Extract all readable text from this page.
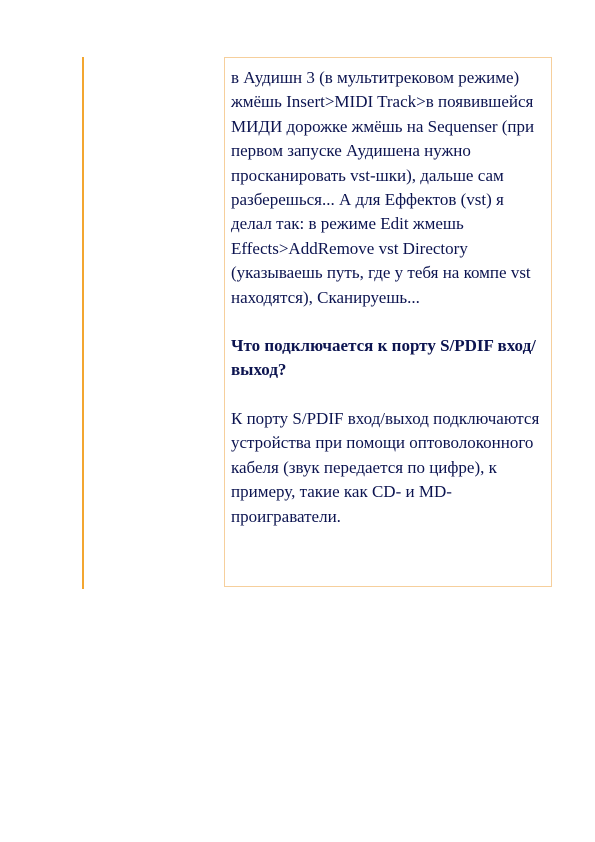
в Аудишн 3 (в мультитрековом режиме) жмёшь Insert>MIDI Track>в появившейся МИДИ дорожке жмёшь на Sequenser (при первом запуске Аудишена нужно просканировать vst-шки), дальше сам разберешься... А для Еффектов (vst) я делал так: в режиме Edit жмешь Effects>AddRemove vst Directory (указываешь путь, где у тебя на компе vst находятся), Сканируешь...

Что подключается к порту S/PDIF вход/выход?

К порту S/PDIF вход/выход подключаются устройства при помощи оптоволоконного кабеля (звук передается по цифре), к примеру, такие как CD- и MD-проиграватели.
